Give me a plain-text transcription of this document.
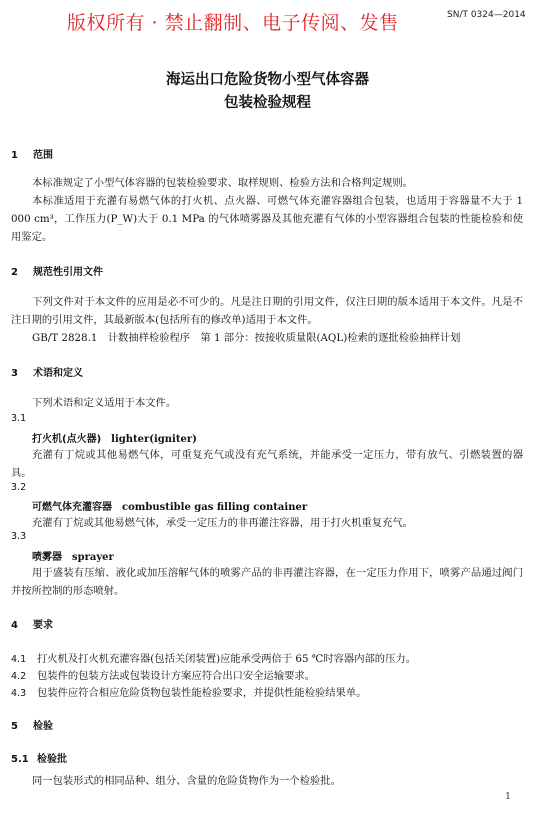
版权所有 · 禁止翻制、电子传阅、发售	SN/T 0324—2014
海运出口危险货物小型气体容器
包装检验规程
1 范围
本标准规定了小型气体容器的包装检验要求、取样规则、检验方法和合格判定规则。
本标准适用于充灌有易燃气体的打火机、点火器、可燃气体充灌容器组合包装，也适用于容器量不大于 1 000 cm³，工作压力(P_W)大于 0.1 MPa 的气体喷雾器及其他充灌有气体的小型容器组合包装的性能检验和使用鉴定。
2 规范性引用文件
下列文件对于本文件的应用是必不可少的。凡是注日期的引用文件，仅注日期的版本适用于本文件。凡是不注日期的引用文件，其最新版本(包括所有的修改单)适用于本文件。
GB/T 2828.1　计数抽样检验程序　第 1 部分：按接收质量限(AQL)检索的逐批检验抽样计划
3 术语和定义
下列术语和定义适用于本文件。
3.1
打火机(点火器) lighter(igniter)
充灌有丁烷或其他易燃气体，可重复充气或没有充气系统，并能承受一定压力，带有放气、引燃装置的器具。
3.2
可燃气体充灌容器 combustible gas filling container
充灌有丁烷或其他易燃气体，承受一定压力的非再灌注容器，用于打火机重复充气。
3.3
喷雾器 sprayer
用于盛装有压缩、液化或加压溶解气体的喷雾产品的非再灌注容器，在一定压力作用下，喷雾产品通过阀门并按所控制的形态喷射。
4 要求
4.1 打火机及打火机充灌容器(包括关闭装置)应能承受两倍于 65 ℃时容器内部的压力。
4.2 包装件的包装方法或包装设计方案应符合出口安全运输要求。
4.3 包装件应符合相应危险货物包装性能检验要求，并提供性能检验结果单。
5 检验
5.1 检验批
同一包装形式的相同品种、组分、含量的危险货物作为一个检验批。
1
